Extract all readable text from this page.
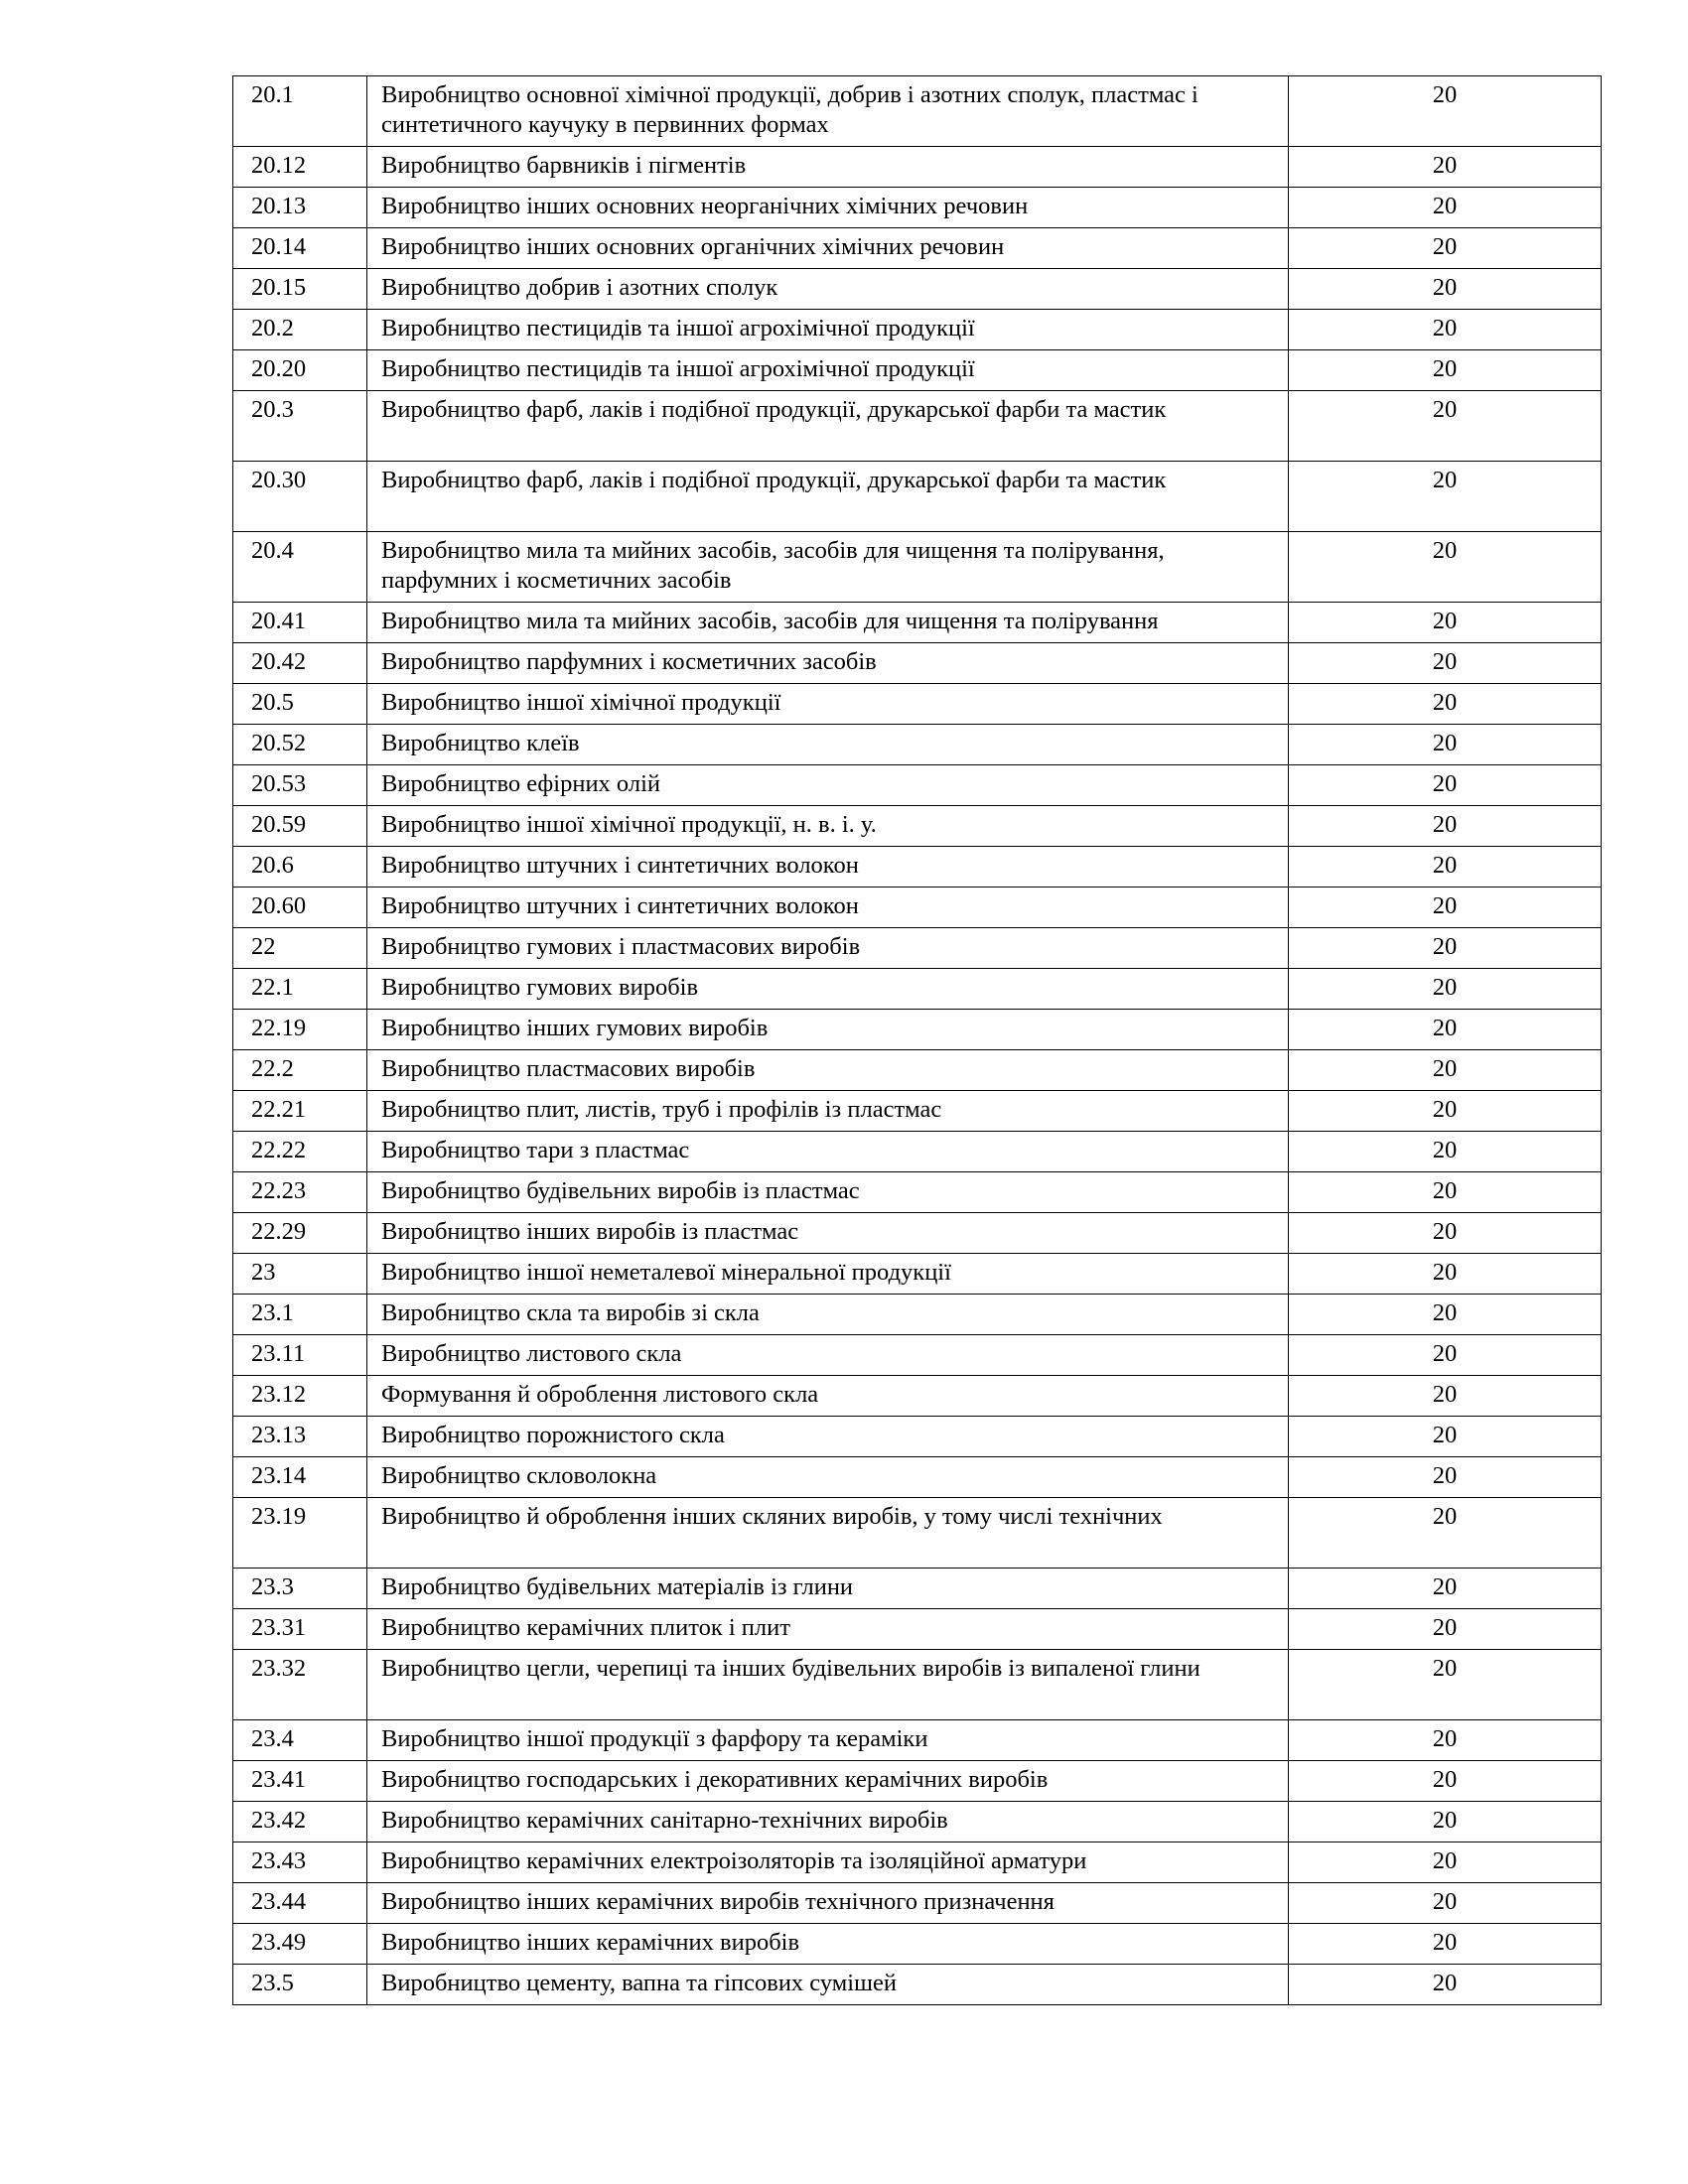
20.1	Виробництво основної хімічної продукції, добрив і азотних сполук, пластмас і синтетичного каучуку в первинних формах	20
20.12	Виробництво барвників і пігментів	20
20.13	Виробництво інших основних неорганічних хімічних речовин	20
20.14	Виробництво інших основних органічних хімічних речовин	20
20.15	Виробництво добрив і азотних сполук	20
20.2	Виробництво пестицидів та іншої агрохімічної продукції	20
20.20	Виробництво пестицидів та іншої агрохімічної продукції	20
20.3	Виробництво фарб, лаків і подібної продукції, друкарської фарби та мастик	20
20.30	Виробництво фарб, лаків і подібної продукції, друкарської фарби та мастик	20
20.4	Виробництво мила та мийних засобів, засобів для чищення та полірування, парфумних і косметичних засобів	20
20.41	Виробництво мила та мийних засобів, засобів для чищення та полірування	20
20.42	Виробництво парфумних і косметичних засобів	20
20.5	Виробництво іншої хімічної продукції	20
20.52	Виробництво клеїв	20
20.53	Виробництво ефірних олій	20
20.59	Виробництво іншої хімічної продукції, н. в. і. у.	20
20.6	Виробництво штучних і синтетичних волокон	20
20.60	Виробництво штучних і синтетичних волокон	20
22	Виробництво гумових і пластмасових виробів	20
22.1	Виробництво гумових виробів	20
22.19	Виробництво інших гумових виробів	20
22.2	Виробництво пластмасових виробів	20
22.21	Виробництво плит, листів, труб і профілів із пластмас	20
22.22	Виробництво тари з пластмас	20
22.23	Виробництво будівельних виробів із пластмас	20
22.29	Виробництво інших виробів із пластмас	20
23	Виробництво іншої неметалевої мінеральної продукції	20
23.1	Виробництво скла та виробів зі скла	20
23.11	Виробництво листового скла	20
23.12	Формування й оброблення листового скла	20
23.13	Виробництво порожнистого скла	20
23.14	Виробництво скловолокна	20
23.19	Виробництво й оброблення інших скляних виробів, у тому числі технічних	20
23.3	Виробництво будівельних матеріалів із глини	20
23.31	Виробництво керамічних плиток і плит	20
23.32	Виробництво цегли, черепиці та інших будівельних виробів із випаленої глини	20
23.4	Виробництво іншої продукції з фарфору та кераміки	20
23.41	Виробництво господарських і декоративних керамічних виробів	20
23.42	Виробництво керамічних санітарно-технічних виробів	20
23.43	Виробництво керамічних електроізоляторів та ізоляційної арматури	20
23.44	Виробництво інших керамічних виробів технічного призначення	20
23.49	Виробництво інших керамічних виробів	20
23.5	Виробництво цементу, вапна та гіпсових сумішей	20
